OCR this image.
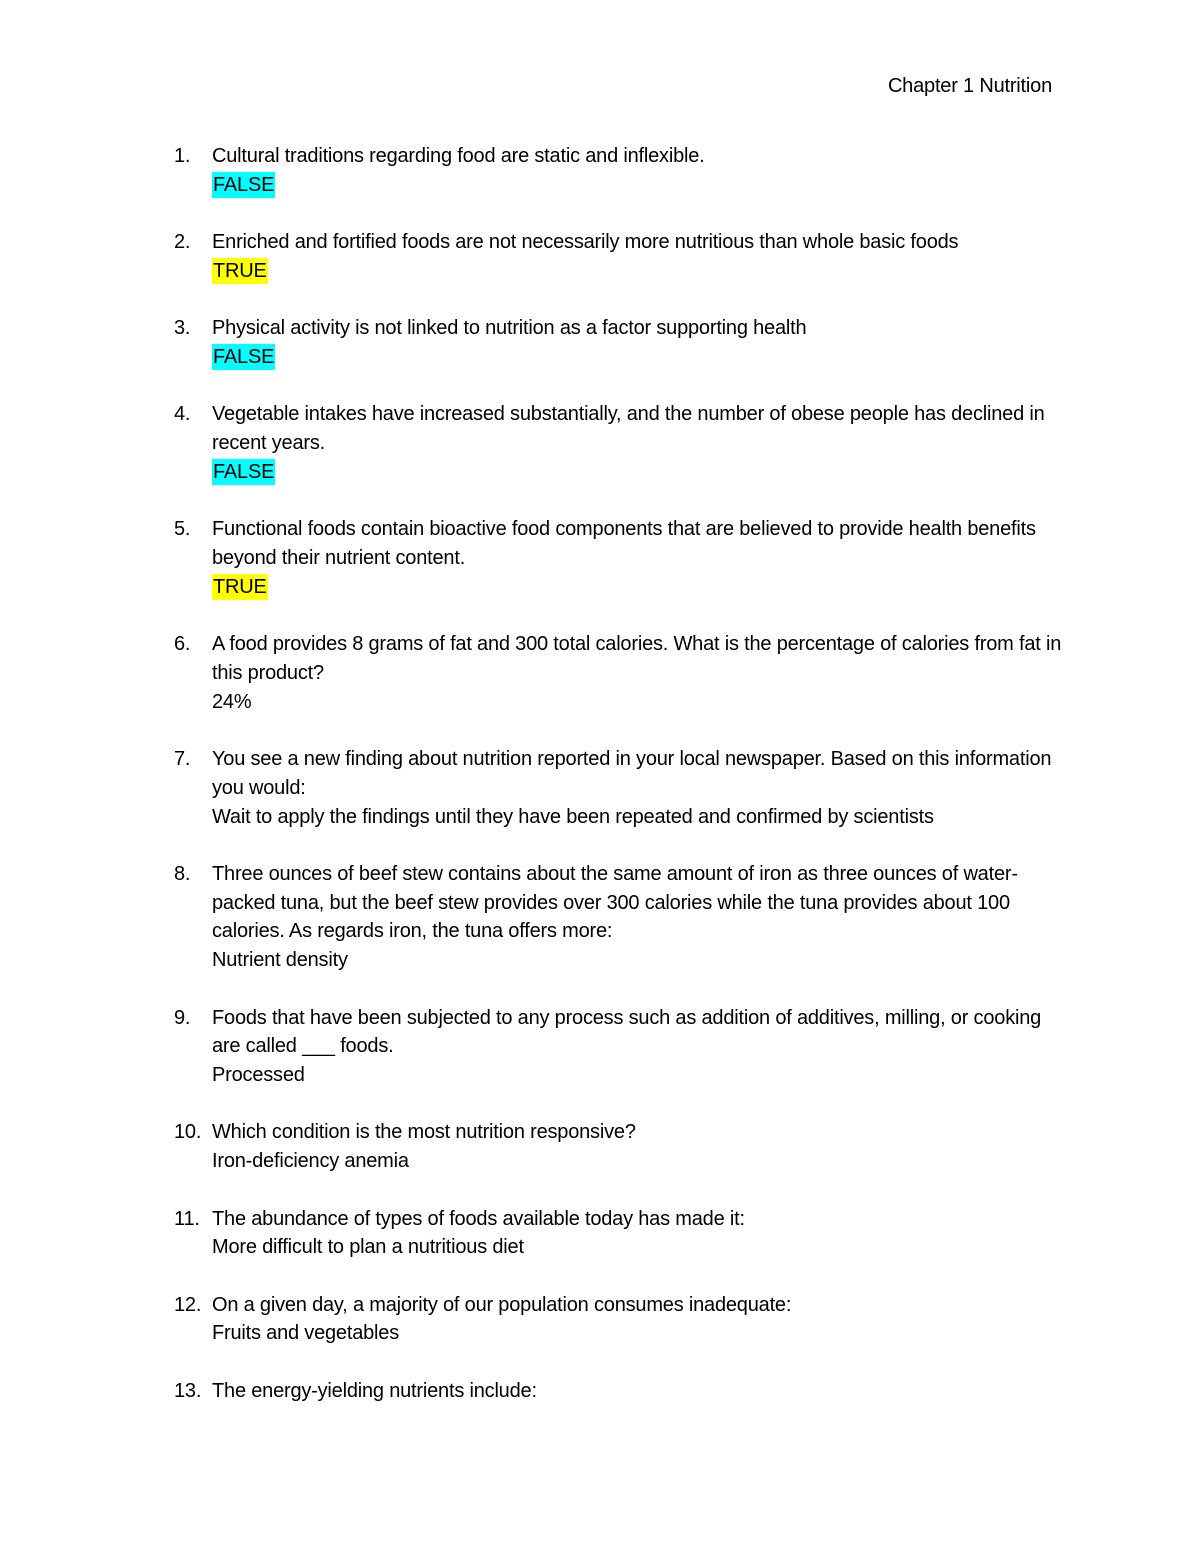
Chapter 1 Nutrition
1. Cultural traditions regarding food are static and inflexible.
FALSE
2. Enriched and fortified foods are not necessarily more nutritious than whole basic foods
TRUE
3. Physical activity is not linked to nutrition as a factor supporting health
FALSE
4. Vegetable intakes have increased substantially, and the number of obese people has declined in recent years.
FALSE
5. Functional foods contain bioactive food components that are believed to provide health benefits beyond their nutrient content.
TRUE
6. A food provides 8 grams of fat and 300 total calories. What is the percentage of calories from fat in this product?
24%
7. You see a new finding about nutrition reported in your local newspaper. Based on this information you would:
Wait to apply the findings until they have been repeated and confirmed by scientists
8. Three ounces of beef stew contains about the same amount of iron as three ounces of water-packed tuna, but the beef stew provides over 300 calories while the tuna provides about 100 calories. As regards iron, the tuna offers more:
Nutrient density
9. Foods that have been subjected to any process such as addition of additives, milling, or cooking are called ___ foods.
Processed
10. Which condition is the most nutrition responsive?
Iron-deficiency anemia
11. The abundance of types of foods available today has made it:
More difficult to plan a nutritious diet
12. On a given day, a majority of our population consumes inadequate:
Fruits and vegetables
13. The energy-yielding nutrients include:
